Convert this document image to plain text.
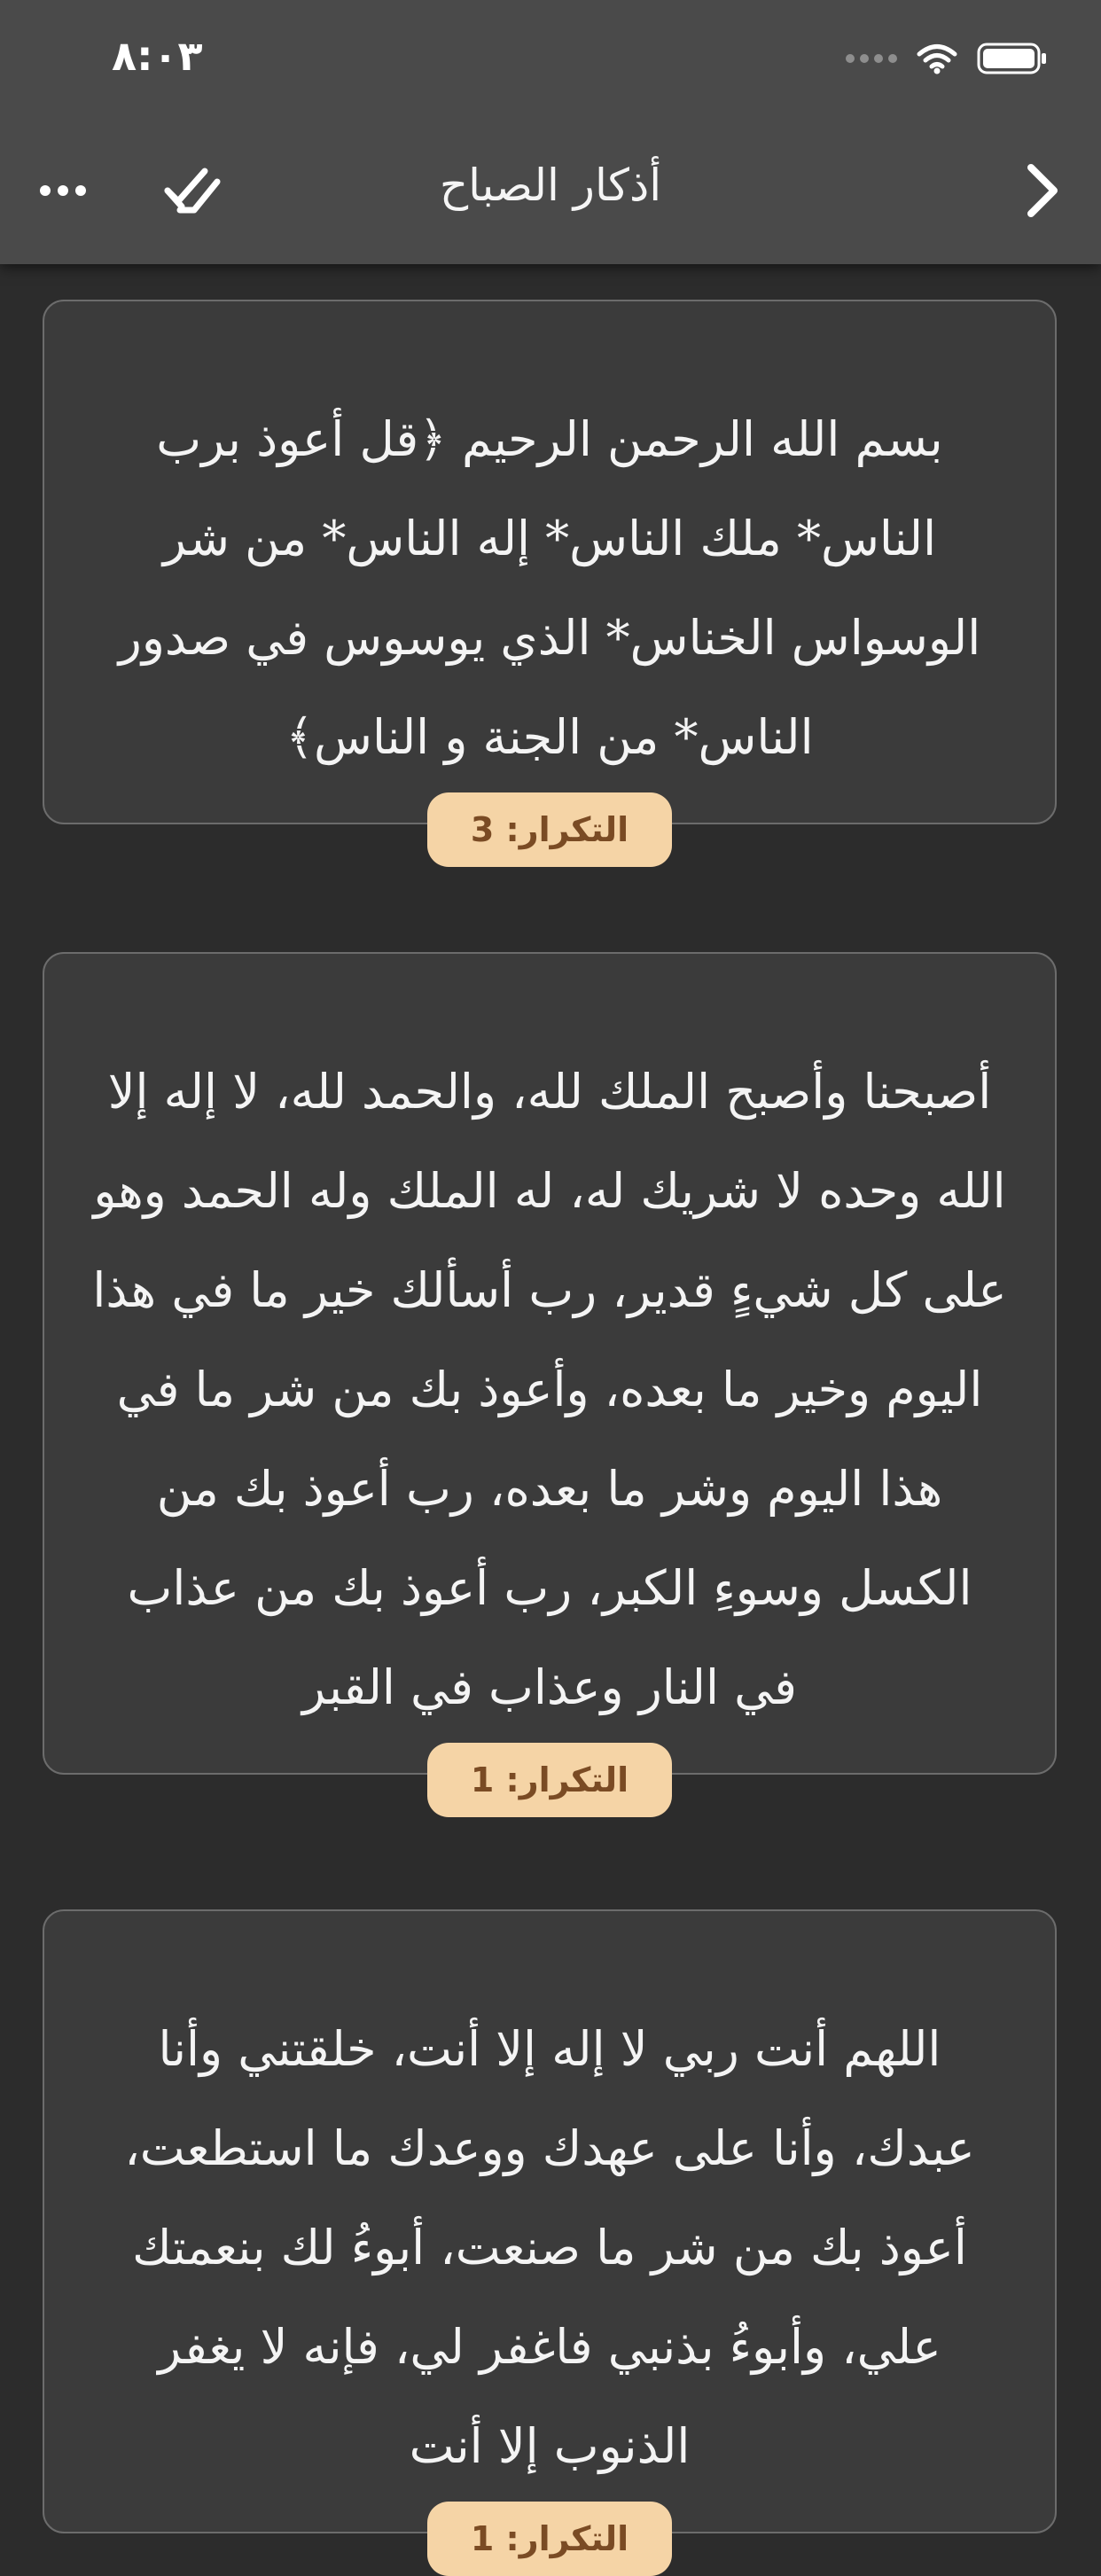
٨:٠٣
أذكار الصباح
بسم الله الرحمن الرحيم ﴿قل أعوذ برب الناس* ملك الناس* إله الناس* من شر الوسواس الخناس* الذي يوسوس في صدور الناس* من الجنة و الناس﴾
التكرار: 3
أصبحنا وأصبح الملك لله، والحمد لله، لا إله إلا الله وحده لا شريك له، له الملك وله الحمد وهو على كل شيءٍ قدير، رب أسألك خير ما في هذا اليوم وخير ما بعده، وأعوذ بك من شر ما في هذا اليوم وشر ما بعده، رب أعوذ بك من الكسل وسوءِ الكبر، رب أعوذ بك من عذاب في النار وعذاب في القبر
التكرار: 1
اللهم أنت ربي لا إله إلا أنت، خلقتني وأنا عبدك، وأنا على عهدك ووعدك ما استطعت، أعوذ بك من شر ما صنعت، أبوءُ لك بنعمتك علي، وأبوءُ بذنبي فاغفر لي، فإنه لا يغفر الذنوب إلا أنت
التكرار: 1
